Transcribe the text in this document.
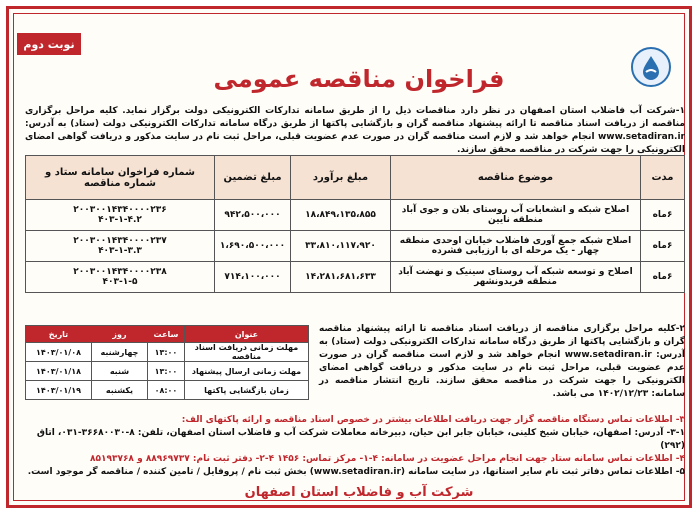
نوبت دوم
فراخوان مناقصه عمومی
۱-شرکت آب فاضلاب استان اصفهان در نظر دارد مناقصات ذیل را از طریق سامانه تدارکات الکترونیکی دولت برگزار نماید. کلیه مراحل برگزاری مناقصه از دریافت اسناد مناقصه تا ارائه پیشنهاد مناقصه گران و بازگشایی پاکتها از طریق درگاه سامانه تدارکات الکترونیکی دولت (ستاد) به آدرس: www.setadiran.ir انجام خواهد شد و لازم است مناقصه گران در صورت عدم عضویت قبلی، مراحل ثبت نام در سایت مذکور و دریافت گواهی امضای الکترونیکی را جهت شرکت در مناقصه محقق سازند.
مدت	موضوع مناقصه	مبلغ برآورد	مبلغ تضمین	شماره فراخوان سامانه ستاد و شماره مناقصه
۶ماه	اصلاح شبکه و انشعابات آب روستای بلان و جوی آباد منطقه نایین	۱۸،۸۴۹،۱۳۵،۸۵۵	۹۴۲،۵۰۰،۰۰۰	۲۰۰۳۰۰۱۴۳۴۰۰۰۰۲۳۶
۴۰۳-۱-۴.۲
۶ماه	اصلاح شبکه جمع آوری فاضلاب خیابان اوحدی منطقه چهار - یک مرحله ای با ارزیابی فشرده	۳۳،۸۱۰،۱۱۷،۹۲۰	۱،۶۹۰،۵۰۰،۰۰۰	۲۰۰۳۰۰۱۴۳۴۰۰۰۰۲۳۷
۴۰۳-۱-۳.۳
۶ماه	اصلاح و توسعه شبکه آب روستای سینیک و نهضت آباد منطقه فریدونشهر	۱۴،۲۸۱،۶۸۱،۶۳۳	۷۱۴،۱۰۰،۰۰۰	۲۰۰۳۰۰۱۴۳۴۰۰۰۰۲۳۸
۴۰۳-۱-۵
۲-کلیه مراحل برگزاری مناقصه از دریافت اسناد مناقصه تا ارائه پیشنهاد مناقصه گران و بازگشایی پاکتها از طریق درگاه سامانه تدارکات الکترونیکی دولت (ستاد) به آدرس: www.setadiran.ir انجام خواهد شد و لازم است مناقصه گران در صورت عدم عضویت قبلی، مراحل ثبت نام در سایت مذکور و دریافت گواهی امضای الکترونیکی را جهت شرکت در مناقصه محقق سازند. تاریخ انتشار مناقصه در سامانه: ۱۴۰۲/۱۲/۲۳ می باشد.
عنوان	ساعت	روز	تاریخ
مهلت زمانی دریافت اسناد مناقصه	۱۳:۰۰	چهارشنبه	۱۴۰۳/۰۱/۰۸
مهلت زمانی ارسال پیشنهاد	۱۳:۰۰	شنبه	۱۴۰۳/۰۱/۱۸
زمان بازگشایی پاکتها	۰۸:۰۰	یکشنبه	۱۴۰۳/۰۱/۱۹
۳- اطلاعات تماس دستگاه مناقصه گزار جهت دریافت اطلاعات بیشتر در خصوص اسناد مناقصه و ارائه پاکتهای الف:
۳-۱- آدرس: اصفهان، خیابان شیخ کلینی، خیابان جابر ابن حیان، دبیرخانه معاملات شرکت آب و فاضلاب استان اصفهان، تلفن: ۸-۳۶۶۸۰۰۳۰-۰۳۱، اتاق (۲۹۲)
۴- اطلاعات تماس سامانه ستاد جهت انجام مراحل عضویت در سامانه: ۴-۱- مرکز تماس: ۱۴۵۶ ۴-۲- دفتر ثبت نام: ۸۸۹۶۹۷۳۷ و ۸۵۱۹۳۷۶۸
۵- اطلاعات تماس دفاتر ثبت نام سایر استانها، در سایت سامانه (www.setadiran.ir) بخش ثبت نام / پروفایل / تامین کننده / مناقصه گر موجود است.
شرکت آب و فاضلاب استان اصفهان
